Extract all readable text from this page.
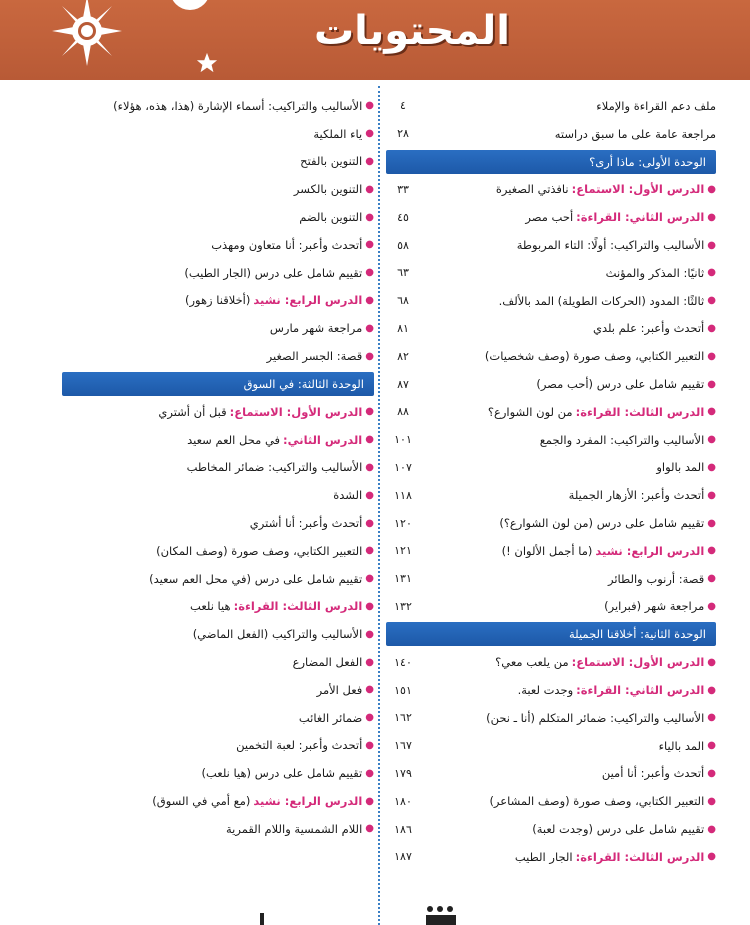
المحتويات
ملف دعم القراءة والإملاء
٤
مراجعة عامة على ما سبق دراسته
٢٨
الوحدة الأولى: ماذا أرى؟
●
الدرس الأول: الاستماع:
نافذتي الصغيرة
٣٣
●
الدرس الثاني: القراءة:
أحب مصر
٤٥
●
الأساليب والتراكيب: أولًا: التاء المربوطة
٥٨
●
ثانيًا: المذكر والمؤنث
٦٣
●
ثالثًا: المدود (الحركات الطويلة) المد بالألف.
٦٨
●
أتحدث وأعبر: علم بلدي
٨١
●
التعبير الكتابي، وصف صورة (وصف شخصيات)
٨٢
●
تقييم شامل على درس (أحب مصر)
٨٧
●
الدرس الثالث: القراءة:
من لون الشوارع؟
٨٨
●
الأساليب والتراكيب: المفرد والجمع
١٠١
●
المد بالواو
١٠٧
●
أتحدث وأعبر: الأزهار الجميلة
١١٨
●
تقييم شامل على درس (من لون الشوارع؟)
١٢٠
●
الدرس الرابع: نشيد
(ما أجمل الألوان !)
١٢١
●
قصة: أرنوب والطائر
١٣١
●
مراجعة شهر (فبراير)
١٣٢
الوحدة الثانية: أخلاقنا الجميلة
●
الدرس الأول: الاستماع:
من يلعب معي؟
١٤٠
●
الدرس الثاني: القراءة:
وجدت لعبة.
١٥١
●
الأساليب والتراكيب: ضمائر المتكلم (أنا ـ نحن)
١٦٢
●
المد بالياء
١٦٧
●
أتحدث وأعبر: أنا أمين
١٧٩
●
التعبير الكتابي، وصف صورة (وصف المشاعر)
١٨٠
●
تقييم شامل على درس (وجدت لعبة)
١٨٦
●
الدرس الثالث: القراءة:
الجار الطيب
١٨٧
●
الأساليب والتراكيب: أسماء الإشارة (هذا، هذه، هؤلاء)
●
ياء الملكية
●
التنوين بالفتح
●
التنوين بالكسر
●
التنوين بالضم
●
أتحدث وأعبر: أنا متعاون ومهذب
●
تقييم شامل على درس (الجار الطيب)
●
الدرس الرابع: نشيد
(أخلاقنا زهور)
●
مراجعة شهر مارس
●
قصة: الجسر الصغير
الوحدة الثالثة: في السوق
●
الدرس الأول: الاستماع:
قبل أن أشتري
●
الدرس الثاني:
في محل العم سعيد
●
الأساليب والتراكيب: ضمائر المخاطب
●
الشدة
●
أتحدث وأعبر: أنا أشتري
●
التعبير الكتابي، وصف صورة (وصف المكان)
●
تقييم شامل على درس (في محل العم سعيد)
●
الدرس الثالث: القراءة:
هيا نلعب
●
الأساليب والتراكيب (الفعل الماضي)
●
الفعل المضارع
●
فعل الأمر
●
ضمائر الغائب
●
أتحدث وأعبر: لعبة التخمين
●
تقييم شامل على درس (هيا نلعب)
●
الدرس الرابع: نشيد
(مع أمي في السوق)
●
اللام الشمسية واللام القمرية
